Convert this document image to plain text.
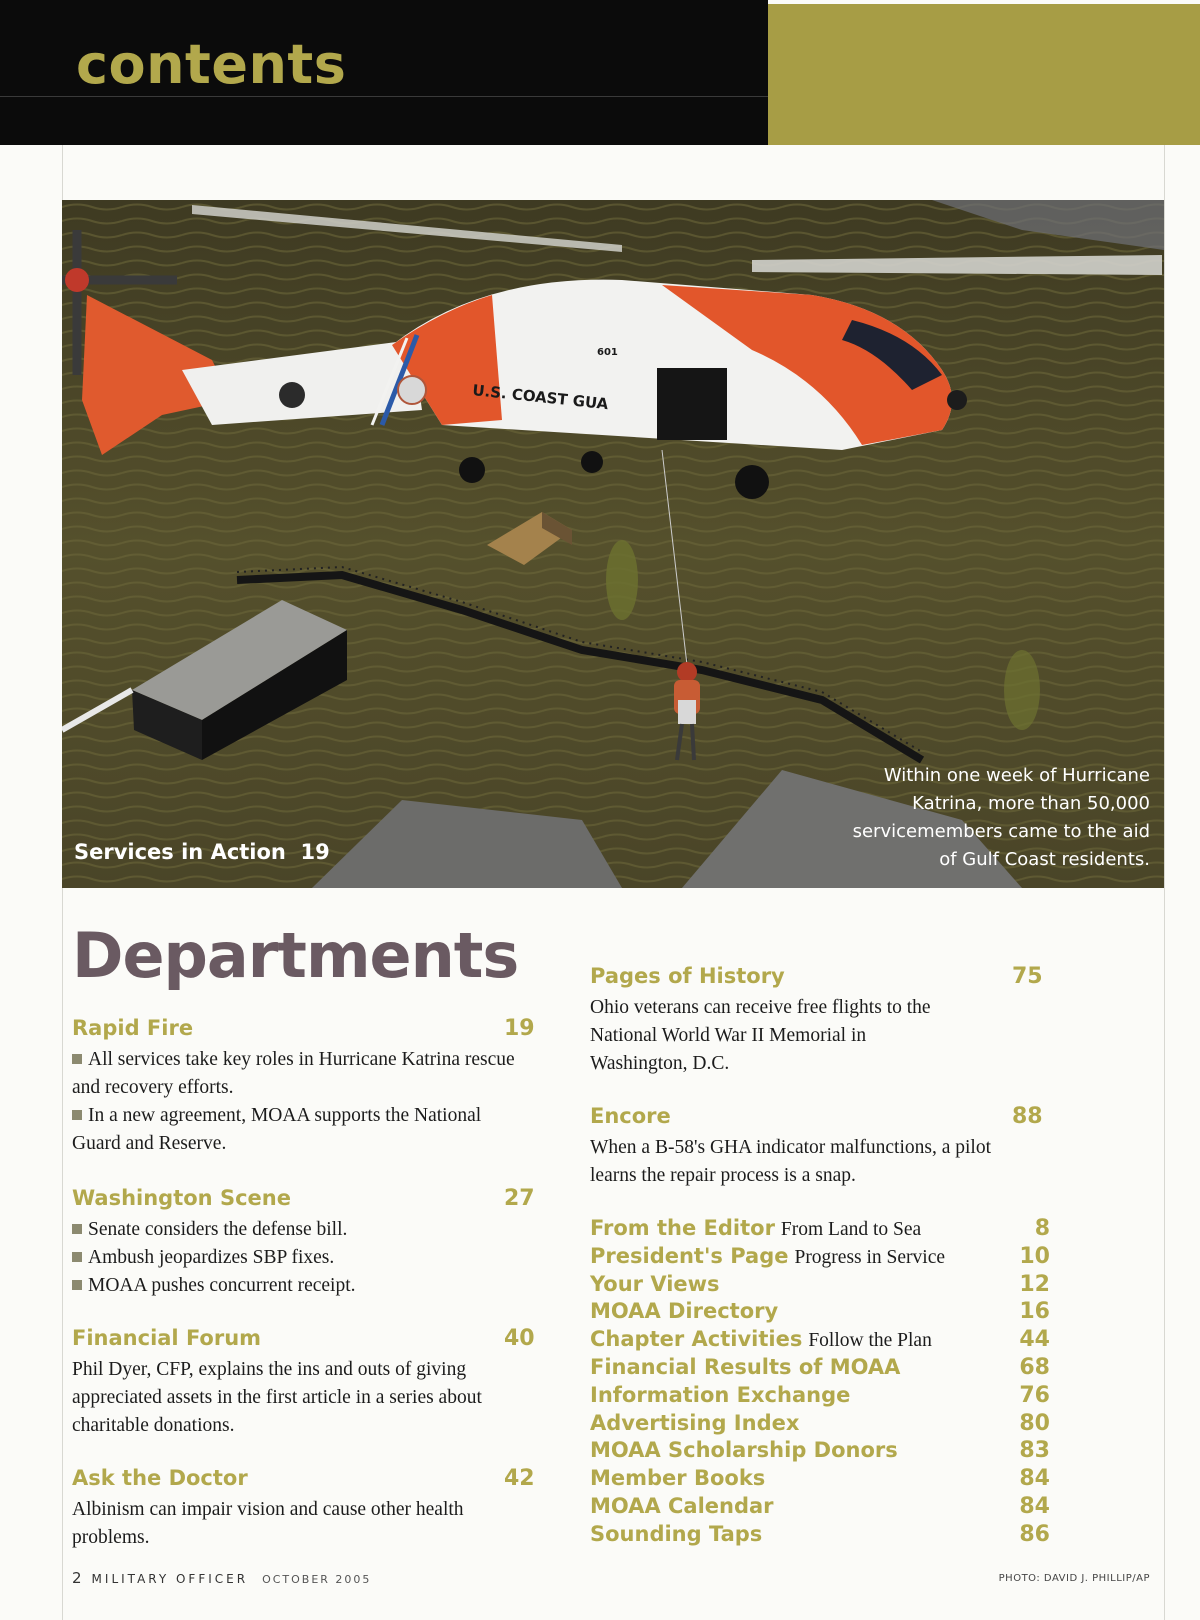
contents
U.S. COAST GUA
601

Services in Action 19

Within one week of Hurricane Katrina, more than 50,000 servicemembers came to the aid of Gulf Coast residents.

Departments
Rapid Fire	19

All services take key roles in Hurricane Katrina rescue and recovery efforts.
In a new agreement, MOAA supports the National Guard and Reserve.

Washington Scene	27

Senate considers the defense bill.
Ambush jeopardizes SBP fixes.
MOAA pushes concurrent receipt.

Financial Forum	40

Phil Dyer, CFP, explains the ins and outs of giving appreciated assets in the first article in a series about charitable donations.

Ask the Doctor	42

Albinism can impair vision and cause other health problems.

Pages of History	75

Ohio veterans can receive free flights to the National World War II Memorial in Washington, D.C.

Encore	88

When a B-58's GHA indicator malfunctions, a pilot learns the repair process is a snap.

From the Editor From Land to Sea	8
President's Page Progress in Service	10
Your Views	12
MOAA Directory	16
Chapter Activities Follow the Plan	44
Financial Results of MOAA	68
Information Exchange	76
Advertising Index	80
MOAA Scholarship Donors	83
Member Books	84
MOAA Calendar	84
Sounding Taps	86

2 MILITARY OFFICER OCTOBER 2005	PHOTO: DAVID J. PHILLIP/AP
